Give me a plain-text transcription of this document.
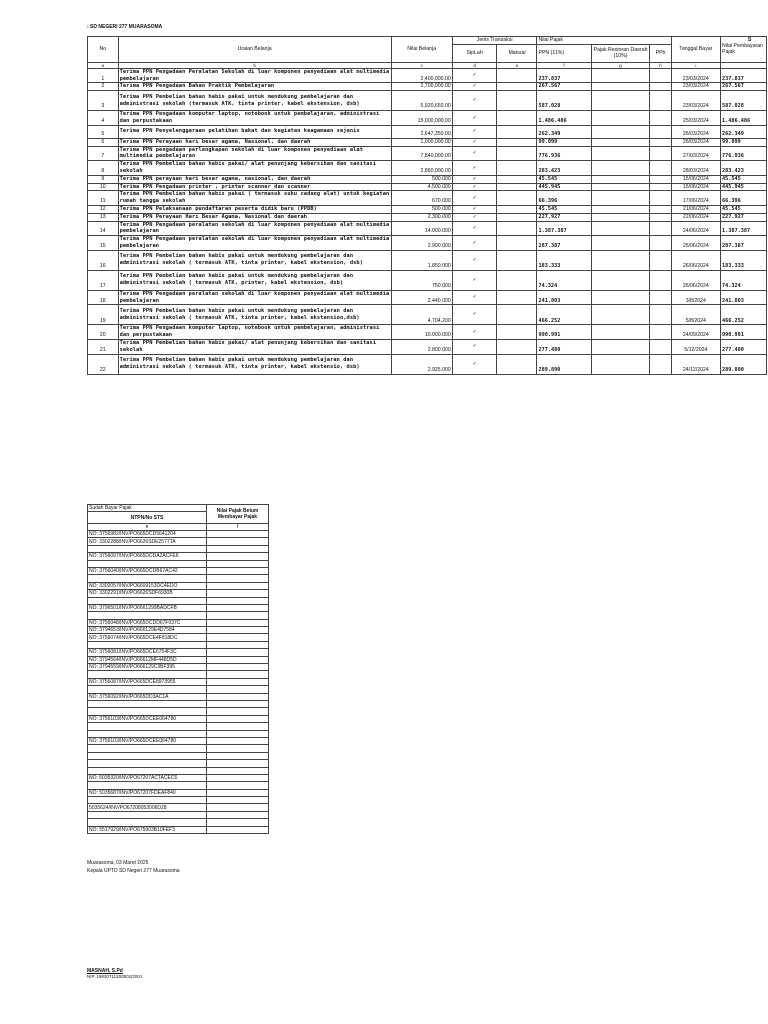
: SD NEGERI 277 MUARASOMA
S
No	Uraian Belanja	Nilai Belanja	Jenis Transaksi		Nilai Pajak			Tanggal Bayar	Nilai Pembayaran Pajak
			SipLah	Manual	PPN (11%)	Pajak Restoran Daerah (10%)	PPh		
a	b	c	d	e	f	g	h	i	
1	Terima PPN Pengadaan Peralatan Sekolah di luar komponen penyediaan alat multimedia pembelajaran	2,400,000.00	✓		237.837			23/03/2024	237.837
2	Terima PPN Pengadaan Bahan Praktik Pembelajaran	2,700,000.00	✓		267.567			23/03/2024	267.567
3	Terima PPN Pembelian bahan habis pakai untuk mendukung pembelajaran dan administrasi sekolah (termasuk ATK, tinta printer, kabel ekstension, dsb)	5,920,650.00	✓		587.028			23/03/2024	587.028
4	Terima PPN Pengadaan komputer laptop, notebook untuk pembelajaran, administrasi dan perpustakaan	15,000,000.00	✓		1.486.486			25/03/2024	1.486.486
5	Terima PPN Penyelenggaraan pelatihan bakat dan kegiatan keagamaan sejenis	2,647,350.00	✓		262.349			26/03/2024	262.349
6	Terima PPN Perayaan hari besar agama, Nasional, dan daerah	1,000,000.00	✓		99.099			26/03/2024	99.099
7	Terima PPN pengadaan perlengkapan sekolah di luar komponen penyediaan alat multimedia pembelajaran	7,840,000.00	✓		776.936			27/03/2024	776.936
8	Terima PPN Pembelian bahan habis pakai/ alat penunjang kebersihan dan sanitasi sekolah	2,860,000.00	✓		283.423			28/03/2024	283.423
9	Terima PPN perayaan hari besar agama, nasional, dan daerah	500.000	✓		45.545			15/06/2024	45.545
10	Terima PPN Pengadaan printer , printer scanner dan scanner	4.500.000	✓		445.945			15/06/2024	445.945
11	Terima PPN Pembelian bahan habis pakai ( termasuk suku cadang alat) untuk kegiatan rumah tangga sekolah	670.000	✓		66.396			17/06/2024	66.396
12	Terima PPN Pelaksanaan pendaftaran peserta didik baru (PPDB)	500.000	✓		45.545			21/06/2024	45.545
13	Terima PPN Perayaan Hari Besar Agama, Nasional dan daerah	2.300.000	✓		227.927			22/06/2024	227.927
14	Terima PPN Pengadaan peralatan sekolah di luar komponen penyediaan alat multimedia pembelajaran	14.000.000	✓		1.387.387			24/06/2024	1.387.387
15	Terima PPN Pengadaan peralatan sekolah di luar komponen penyediaan alat multimedia pembelajaran	2.900.000	✓		287.387			25/06/2024	287.387
16	Terima PPN Pembelian bahan habis pakai untuk mendukung pembelajaran dan administrasi sekolah ( termasuk ATK, tinta printer, kabel ekstension, dsb)	1.850.000	✓		183.333			26/06/2024	183.333
17	Terima PPN Pembelian bahan habis pakai untuk mendukung pembelajaran dan administrasi sekolah ( termasuk ATK, printer, kabel ekstension, dsb)	750.000	✓		74.324			26/06/2024	74.324
18	Terima PPN Pengadaan peralatan sekolah di luar komponen penyediaan alat multimedia pembelajaran	2.440.000	✓		241.803			3/8/2024	241.803
19	Terima PPN Pembelian bahan habis pakai untuk mendukung pembelajaran dan administrasi sekolah ( termasuk ATK, tinta printer, kabel ekstension,dsb)	4.704.200	✓		466.252			5/8/2024	466.252
20	Terima PPN Pengadaan komputer laptop, notebook untuk pembelajaran, administrasi dan perpustakaan	10.000.000	✓		990.991			24/09/2024	990.991
21	Terima PPN Pembelian bahan habis pakai/ alat penunjang kebersihan dan sanitasi sekolah	2.800.000	✓		277.480			5/12/2024	277.480
22	Terima PPN Pembelian bahan habis pakai untuk mendukung pembelajaran dan administrasi sekolah ( termasuk ATK, tinta printer, kabel ekstensio, dsb)	2.925.000	✓		289.890			24/12/2024	289.890
Sudah Bayar Pajak	Nilai Pajak Belum Membayar Pajak
NTPN/No STS	
e	f
NO: 3756982/INV/PO665DCD5641204	
NO: 3302288/INV/PO6626SDE2577TA	

NO: 3756097/INV/PO665DCDA2ACFE6	

NO: 3756040/INV/PO665DCDB67AC42	

NO: 3302057/INV/PO6609153DC4EDO	
NO: 3302291/INV/PO6626SDF6930B	

NO: 3796501/INV/PO6661299BADCFB	

NO: 3756048/INV/PO665DCDD67F037C	
NO: 3794653/INV/PO666129E4D7584	
NO: 3756074/INV/PO665DCE4F818DC	

NO: 3756081/INV/PO665DCE6754F3C	
NO: 3794564/INV/PO66612MF448D5D	
NO: 3794559/INV/PO666129C3BF395	

NO: 3756087/INV/PO665DCE8973955	

NO: 3756092/INV/PO665DD3AC1A	

NO: 3756103/INV/PO665DCEE064780	

NO: 3756103/INV/PO665DCEE064780	

NO: 5035320/INV/PO67207ACTACEC6	

NO: 5035687/INV/PO67207FDEAF840	

5035624/INV/PO67208053006D28	

NO: 5517929/INV/PO675903B10FEF3	
Muarasoma, 03 Maret 2025
Kepala UPTD SD Negeri 277 Muarasoma
MASNAH, S.Pd
NIP. 19830711200502/2001
